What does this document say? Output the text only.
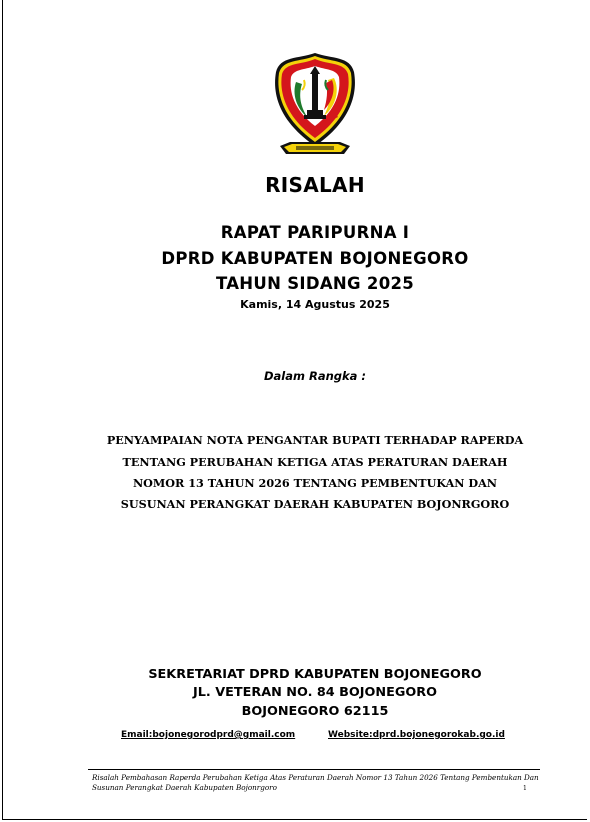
RISALAH
RAPAT PARIPURNA I
DPRD KABUPATEN BOJONEGORO
TAHUN SIDANG 2025
Kamis, 14 Agustus 2025
Dalam Rangka :
PENYAMPAIAN NOTA PENGANTAR BUPATI TERHADAP RAPERDA
TENTANG PERUBAHAN KETIGA ATAS PERATURAN DAERAH
NOMOR 13 TAHUN 2026 TENTANG PEMBENTUKAN DAN
SUSUNAN PERANGKAT DAERAH KABUPATEN BOJONRGORO
SEKRETARIAT DPRD KABUPATEN BOJONEGORO
JL. VETERAN NO. 84 BOJONEGORO
BOJONEGORO 62115
Email:bojonegorodprd@gmail.com	Website:dprd.bojonegorokab.go.id
Risalah Pembahasan Raperda Perubahan Ketiga Atas Peraturan Daerah Nomor 13 Tahun 2026 Tentang Pembentukan Dan
Susunan Perangkat Daerah Kabupaten Bojonrgoro	1
